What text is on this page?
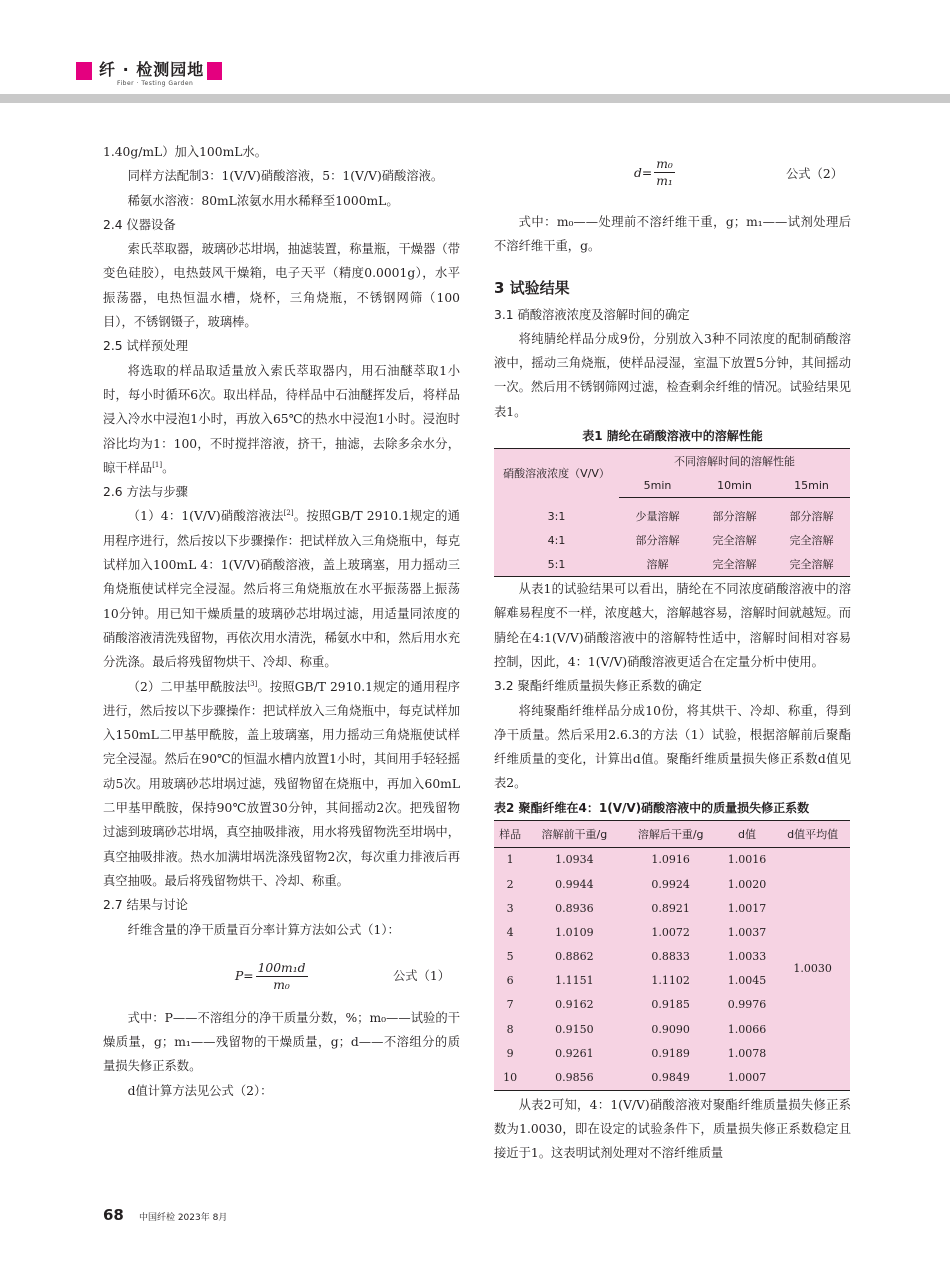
纤 · 检测园地
Fiber · Testing Garden

1.40g/mL）加入100mL水。

同样方法配制3：1(V/V)硝酸溶液，5：1(V/V)硝酸溶液。

稀氨水溶液：80mL浓氨水用水稀释至1000mL。

2.4 仪器设备

索氏萃取器，玻璃砂芯坩埚，抽滤装置，称量瓶，干燥器（带变色硅胶），电热鼓风干燥箱，电子天平（精度0.0001g），水平振荡器，电热恒温水槽，烧杯，三角烧瓶，不锈钢网筛（100目），不锈钢镊子，玻璃棒。

2.5 试样预处理

将选取的样品取适量放入索氏萃取器内，用石油醚萃取1小时，每小时循环6次。取出样品，待样品中石油醚挥发后，将样品浸入冷水中浸泡1小时，再放入65℃的热水中浸泡1小时。浸泡时浴比均为1：100，不时搅拌溶液，挤干，抽滤，去除多余水分，晾干样品[1]。

2.6 方法与步骤

（1）4：1(V/V)硝酸溶液法[2]。按照GB/T 2910.1规定的通用程序进行，然后按以下步骤操作：把试样放入三角烧瓶中，每克试样加入100mL 4：1(V/V)硝酸溶液，盖上玻璃塞，用力摇动三角烧瓶使试样完全浸湿。然后将三角烧瓶放在水平振荡器上振荡10分钟。用已知干燥质量的玻璃砂芯坩埚过滤，用适量同浓度的硝酸溶液清洗残留物，再依次用水清洗，稀氨水中和，然后用水充分洗涤。最后将残留物烘干、冷却、称重。

（2）二甲基甲酰胺法[3]。按照GB/T 2910.1规定的通用程序进行，然后按以下步骤操作：把试样放入三角烧瓶中，每克试样加入150mL二甲基甲酰胺，盖上玻璃塞，用力摇动三角烧瓶使试样完全浸湿。然后在90℃的恒温水槽内放置1小时，其间用手轻轻摇动5次。用玻璃砂芯坩埚过滤，残留物留在烧瓶中，再加入60mL二甲基甲酰胺，保持90℃放置30分钟，其间摇动2次。把残留物过滤到玻璃砂芯坩埚，真空抽吸排液，用水将残留物洗至坩埚中，真空抽吸排液。热水加满坩埚洗涤残留物2次，每次重力排液后再真空抽吸。最后将残留物烘干、冷却、称重。

2.7 结果与讨论

纤维含量的净干质量百分率计算方法如公式（1）：

$P= \frac{\text{100m₁d}}{\text{m₀}}$	公式（1）

式中：P——不溶组分的净干质量分数，%；m₀——试验的干燥质量，g；m₁——残留物的干燥质量，g；d——不溶组分的质量损失修正系数。

d值计算方法见公式（2）：

$d= \frac{\text{m₀}}{\text{m₁}}$	公式（2）

式中：m₀——处理前不溶纤维干重，g；m₁——试剂处理后不溶纤维干重，g。

3 试验结果

3.1 硝酸溶液浓度及溶解时间的确定

将纯腈纶样品分成9份，分别放入3种不同浓度的配制硝酸溶液中，摇动三角烧瓶，使样品浸湿，室温下放置5分钟，其间摇动一次。然后用不锈钢筛网过滤，检查剩余纤维的情况。试验结果见表1。

表1 腈纶在硝酸溶液中的溶解性能
硝酸溶液浓度（V/V）	不同溶解时间的溶解性能		
	5min	10min	15min

3:1	少量溶解	部分溶解	部分溶解
4:1	部分溶解	完全溶解	完全溶解
5:1	溶解	完全溶解	完全溶解

从表1的试验结果可以看出，腈纶在不同浓度硝酸溶液中的溶解难易程度不一样，浓度越大，溶解越容易，溶解时间就越短。而腈纶在4:1(V/V)硝酸溶液中的溶解特性适中，溶解时间相对容易控制，因此，4：1(V/V)硝酸溶液更适合在定量分析中使用。

3.2 聚酯纤维质量损失修正系数的确定

将纯聚酯纤维样品分成10份，将其烘干、冷却、称重，得到净干质量。然后采用2.6.3的方法（1）试验，根据溶解前后聚酯纤维质量的变化，计算出d值。聚酯纤维质量损失修正系数d值见表2。

表2 聚酯纤维在4：1(V/V)硝酸溶液中的质量损失修正系数
样品	溶解前干重/g	溶解后干重/g	d值	d值平均值
1	1.0934	1.0916	1.0016	1.0030
2	0.9944	0.9924	1.0020	
3	0.8936	0.8921	1.0017	
4	1.0109	1.0072	1.0037	
5	0.8862	0.8833	1.0033	
6	1.1151	1.1102	1.0045	
7	0.9162	0.9185	0.9976	
8	0.9150	0.9090	1.0066	
9	0.9261	0.9189	1.0078	
10	0.9856	0.9849	1.0007	

从表2可知，4：1(V/V)硝酸溶液对聚酯纤维质量损失修正系数为1.0030，即在设定的试验条件下，质量损失修正系数稳定且接近于1。这表明试剂处理对不溶纤维质量

68 中国纤检 2023年 8月
